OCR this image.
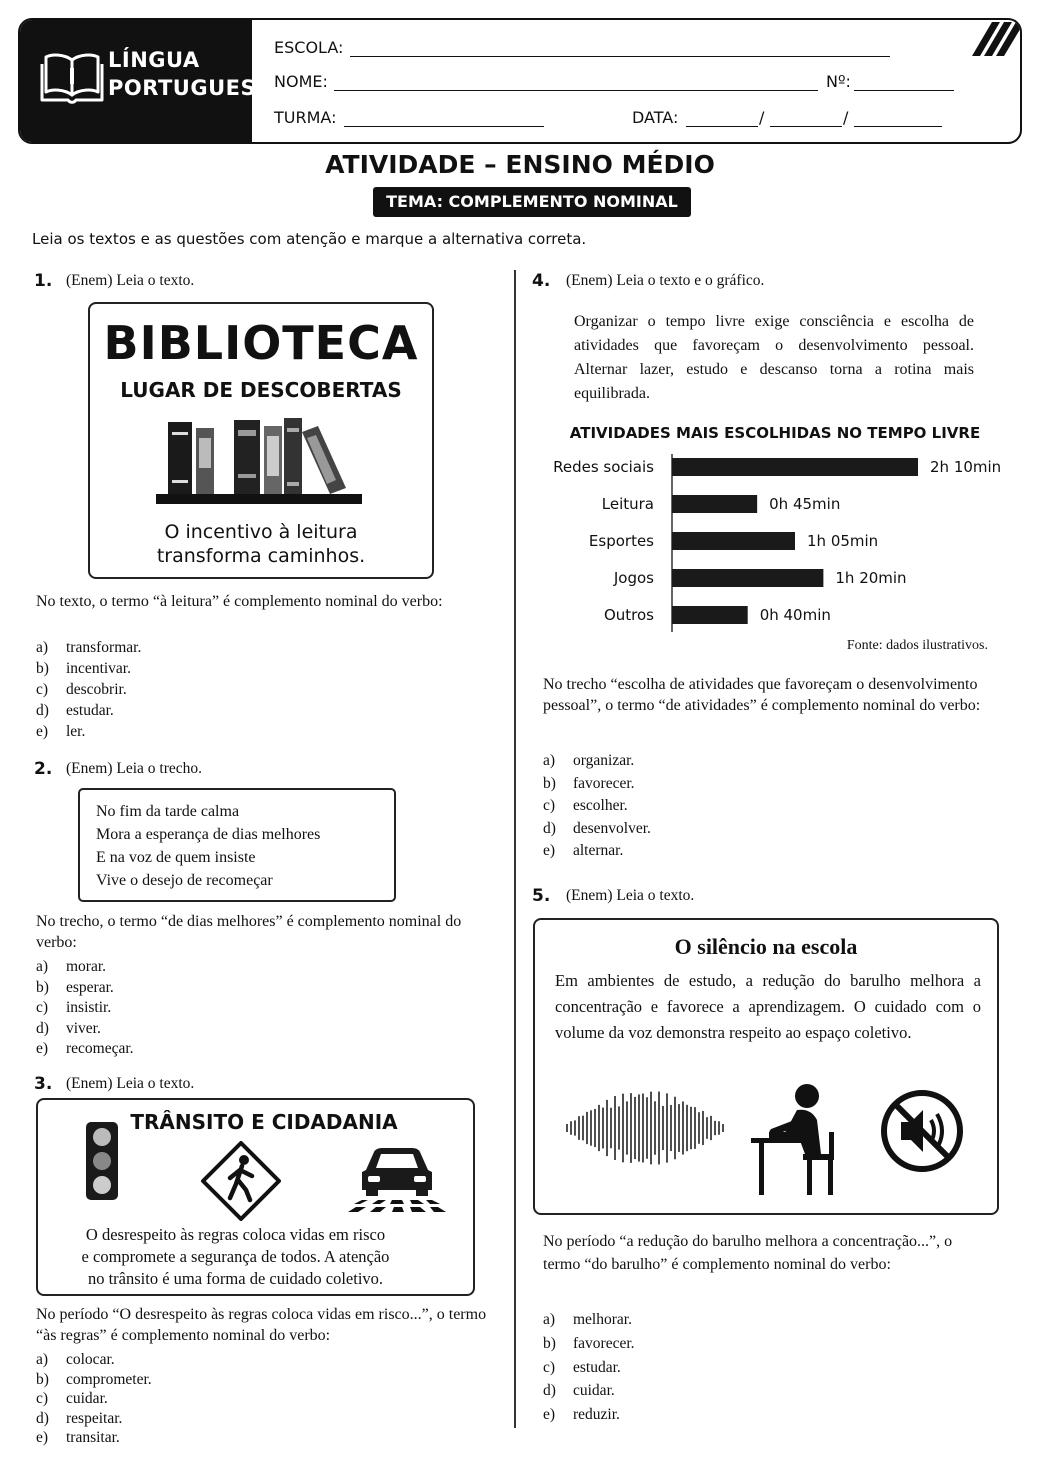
LÍNGUA
PORTUGUESA
ESCOLA:
NOME:	Nº:
TURMA:	DATA:	/	/
ATIVIDADE – ENSINO MÉDIO
TEMA: COMPLEMENTO NOMINAL
Leia os textos e as questões com atenção e marque a alternativa correta.
1. (Enem) Leia o texto.
BIBLIOTECA
LUGAR DE DESCOBERTAS
O incentivo à leitura
transforma caminhos.
No texto, o termo “à leitura” é complemento nominal do verbo:
a) transformar.
b) incentivar.
c) descobrir.
d) estudar.
e) ler.
2. (Enem) Leia o trecho.
No fim da tarde calma
Mora a esperança de dias melhores
E na voz de quem insiste
Vive o desejo de recomeçar
No trecho, o termo “de dias melhores” é complemento nominal do verbo:
a) morar.
b) esperar.
c) insistir.
d) viver.
e) recomeçar.
3. (Enem) Leia o texto.
TRÂNSITO E CIDADANIA
O desrespeito às regras coloca vidas em risco
e compromete a segurança de todos. A atenção
no trânsito é uma forma de cuidado coletivo.
No período “O desrespeito às regras coloca vidas em risco...”, o termo “às regras” é complemento nominal do verbo:
a) colocar.
b) comprometer.
c) cuidar.
d) respeitar.
e) transitar.
4. (Enem) Leia o texto e o gráfico.
Organizar o tempo livre exige consciência e escolha de atividades que favoreçam o desenvolvimento pessoal. Alternar lazer, estudo e descanso torna a rotina mais equilibrada.
ATIVIDADES MAIS ESCOLHIDAS NO TEMPO LIVRE
Redes sociais	2h 10min
Leitura	0h 45min
Esportes	1h 05min
Jogos	1h 20min
Outros	0h 40min
Fonte: dados ilustrativos.
No trecho “escolha de atividades que favoreçam o desenvolvimento pessoal”, o termo “de atividades” é complemento nominal do verbo:
a) organizar.
b) favorecer.
c) escolher.
d) desenvolver.
e) alternar.
5. (Enem) Leia o texto.
O silêncio na escola
Em ambientes de estudo, a redução do barulho melhora a concentração e favorece a aprendizagem. O cuidado com o volume da voz demonstra respeito ao espaço coletivo.
No período “a redução do barulho melhora a concentração...”, o termo “do barulho” é complemento nominal do verbo:
a) melhorar.
b) favorecer.
c) estudar.
d) cuidar.
e) reduzir.
